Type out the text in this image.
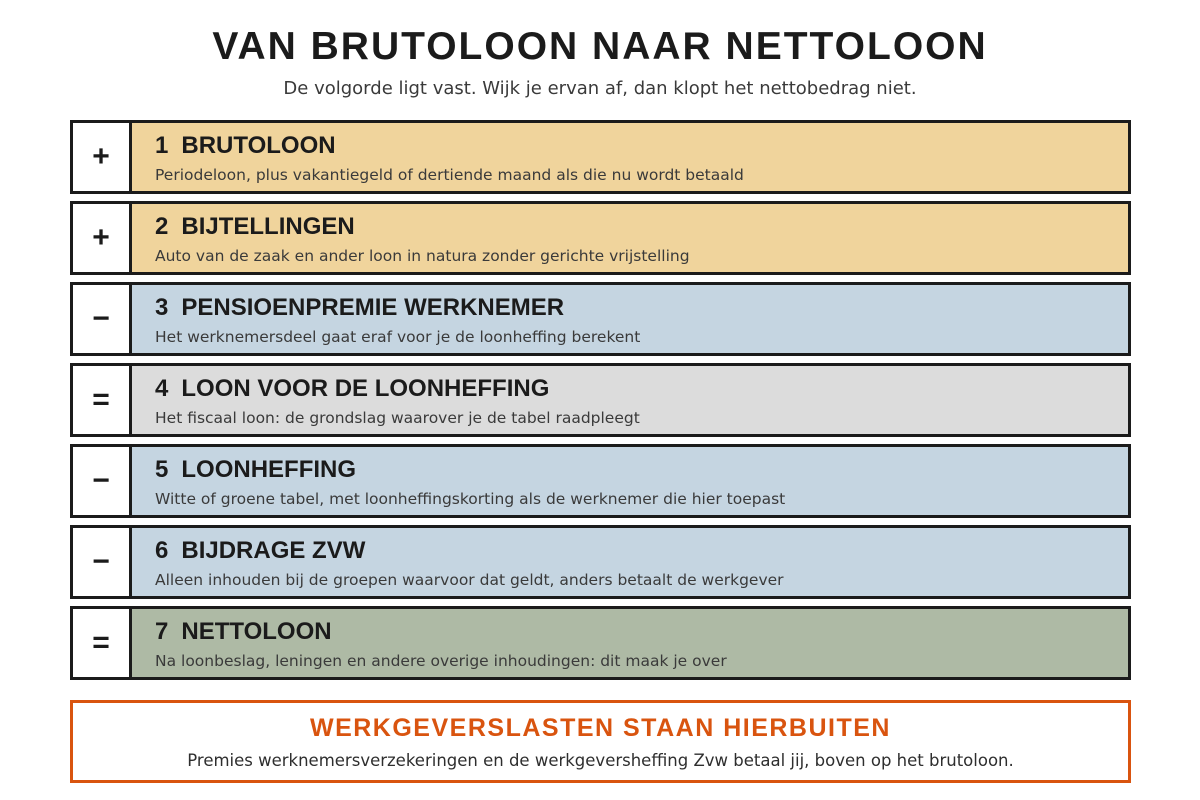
VAN BRUTOLOON NAAR NETTOLOON
De volgorde ligt vast. Wijk je ervan af, dan klopt het nettobedrag niet.
+	1 BRUTOLOON
Periodeloon, plus vakantiegeld of dertiende maand als die nu wordt betaald
+	2 BIJTELLINGEN
Auto van de zaak en ander loon in natura zonder gerichte vrijstelling
−	3 PENSIOENPREMIE WERKNEMER
Het werknemersdeel gaat eraf voor je de loonheffing berekent
=	4 LOON VOOR DE LOONHEFFING
Het fiscaal loon: de grondslag waarover je de tabel raadpleegt
−	5 LOONHEFFING
Witte of groene tabel, met loonheffingskorting als de werknemer die hier toepast
−	6 BIJDRAGE ZVW
Alleen inhouden bij de groepen waarvoor dat geldt, anders betaalt de werkgever
=	7 NETTOLOON
Na loonbeslag, leningen en andere overige inhoudingen: dit maak je over
WERKGEVERSLASTEN STAAN HIERBUITEN
Premies werknemersverzekeringen en de werkgeversheffing Zvw betaal jij, boven op het brutoloon.
